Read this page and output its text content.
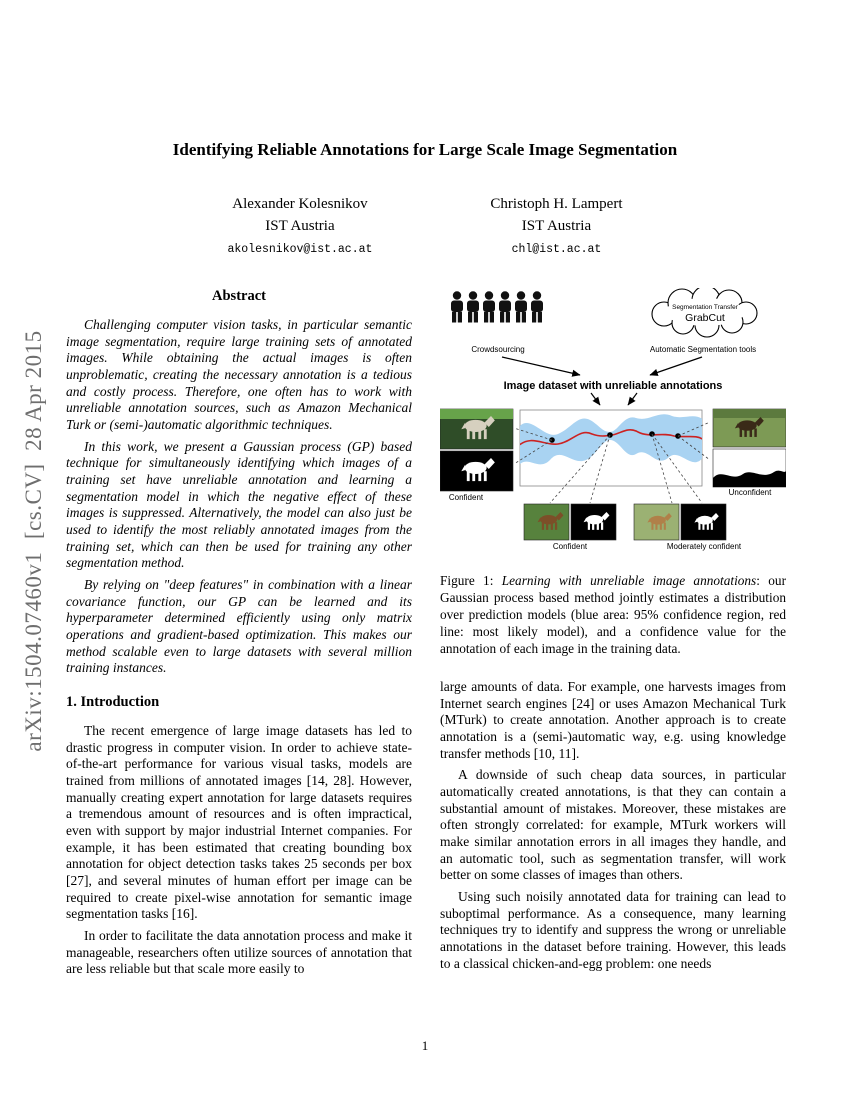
arXiv:1504.07460v1  [cs.CV]  28 Apr 2015
Identifying Reliable Annotations for Large Scale Image Segmentation
Alexander Kolesnikov
IST Austria
akolesnikov@ist.ac.at
Christoph H. Lampert
IST Austria
chl@ist.ac.at
Abstract

Challenging computer vision tasks, in particular semantic image segmentation, require large training sets of annotated images. While obtaining the actual images is often unproblematic, creating the necessary annotation is a tedious and costly process. Therefore, one often has to work with unreliable annotation sources, such as Amazon Mechanical Turk or (semi-)automatic algorithmic techniques.

In this work, we present a Gaussian process (GP) based technique for simultaneously identifying which images of a training set have unreliable annotation and learning a segmentation model in which the negative effect of these images is suppressed. Alternatively, the model can also just be used to identify the most reliably annotated images from the training set, which can then be used for training any other segmentation method.

By relying on "deep features" in combination with a linear covariance function, our GP can be learned and its hyperparameter determined efficiently using only matrix operations and gradient-based optimization. This makes our method scalable even to large datasets with several million training instances.

1. Introduction

The recent emergence of large image datasets has led to drastic progress in computer vision. In order to achieve state-of-the-art performance for various visual tasks, models are trained from millions of annotated images [14, 28]. However, manually creating expert annotation for large datasets requires a tremendous amount of resources and is often impractical, even with support by major industrial Internet companies. For example, it has been estimated that creating bounding box annotation for object detection tasks takes 25 seconds per box [27], and several minutes of human effort per image can be required to create pixel-wise annotation for semantic image segmentation tasks [16].

In order to facilitate the data annotation process and make it manageable, researchers often utilize sources of annotation that are less reliable but that scale more easily to

Crowdsourcing
Segmentation Transfer
GrabCut
Automatic Segmentation tools
Image dataset with unreliable annotations
Confident
Unconfident
Confident	Moderately confident
Figure 1: Learning with unreliable image annotations: our Gaussian process based method jointly estimates a distribution over prediction models (blue area: 95% confidence region, red line: most likely model), and a confidence value for the annotation of each image in the training data.

large amounts of data. For example, one harvests images from Internet search engines [24] or uses Amazon Mechanical Turk (MTurk) to create annotation. Another approach is to create annotation is a (semi-)automatic way, e.g. using knowledge transfer methods [10, 11].

A downside of such cheap data sources, in particular automatically created annotations, is that they can contain a substantial amount of mistakes. Moreover, these mistakes are often strongly correlated: for example, MTurk workers will make similar annotation errors in all images they handle, and an automatic tool, such as segmentation transfer, will work better on some classes of images than others.

Using such noisily annotated data for training can lead to suboptimal performance. As a consequence, many learning techniques try to identify and suppress the wrong or unreliable annotations in the dataset before training. However, this leads to a classical chicken-and-egg problem: one needs

1
